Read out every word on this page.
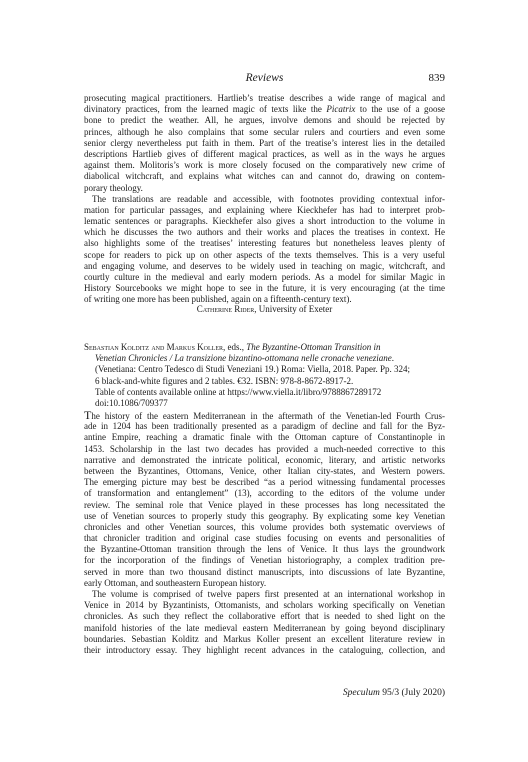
Reviews	839
prosecuting magical practitioners. Hartlieb’s treatise describes a wide range of magical and
divinatory practices, from the learned magic of texts like the Picatrix to the use of a goose
bone to predict the weather. All, he argues, involve demons and should be rejected by
princes, although he also complains that some secular rulers and courtiers and even some
senior clergy nevertheless put faith in them. Part of the treatise’s interest lies in the detailed
descriptions Hartlieb gives of different magical practices, as well as in the ways he argues
against them. Molitoris’s work is more closely focused on the comparatively new crime of
diabolical witchcraft, and explains what witches can and cannot do, drawing on contem-
porary theology.
The translations are readable and accessible, with footnotes providing contextual infor-
mation for particular passages, and explaining where Kieckhefer has had to interpret prob-
lematic sentences or paragraphs. Kieckhefer also gives a short introduction to the volume in
which he discusses the two authors and their works and places the treatises in context. He
also highlights some of the treatises’ interesting features but nonetheless leaves plenty of
scope for readers to pick up on other aspects of the texts themselves. This is a very useful
and engaging volume, and deserves to be widely used in teaching on magic, witchcraft, and
courtly culture in the medieval and early modern periods. As a model for similar Magic in
History Sourcebooks we might hope to see in the future, it is very encouraging (at the time
of writing one more has been published, again on a fifteenth-century text).
Catherine Rider, University of Exeter
Sebastian Kolditz and Markus Koller, eds., The Byzantine-Ottoman Transition in
Venetian Chronicles / La transizione bizantino-ottomana nelle cronache veneziane.
(Venetiana: Centro Tedesco di Studi Veneziani 19.) Roma: Viella, 2018. Paper. Pp. 324;
6 black-and-white figures and 2 tables. €32. ISBN: 978-8-8672-8917-2.
Table of contents available online at https://www.viella.it/libro/9788867289172
doi:10.1086/709377
The history of the eastern Mediterranean in the aftermath of the Venetian-led Fourth Crus-
ade in 1204 has been traditionally presented as a paradigm of decline and fall for the Byz-
antine Empire, reaching a dramatic finale with the Ottoman capture of Constantinople in
1453. Scholarship in the last two decades has provided a much-needed corrective to this
narrative and demonstrated the intricate political, economic, literary, and artistic networks
between the Byzantines, Ottomans, Venice, other Italian city-states, and Western powers.
The emerging picture may best be described “as a period witnessing fundamental processes
of transformation and entanglement” (13), according to the editors of the volume under
review. The seminal role that Venice played in these processes has long necessitated the
use of Venetian sources to properly study this geography. By explicating some key Venetian
chronicles and other Venetian sources, this volume provides both systematic overviews of
that chronicler tradition and original case studies focusing on events and personalities of
the Byzantine-Ottoman transition through the lens of Venice. It thus lays the groundwork
for the incorporation of the findings of Venetian historiography, a complex tradition pre-
served in more than two thousand distinct manuscripts, into discussions of late Byzantine,
early Ottoman, and southeastern European history.
The volume is comprised of twelve papers first presented at an international workshop in
Venice in 2014 by Byzantinists, Ottomanists, and scholars working specifically on Venetian
chronicles. As such they reflect the collaborative effort that is needed to shed light on the
manifold histories of the late medieval eastern Mediterranean by going beyond disciplinary
boundaries. Sebastian Kolditz and Markus Koller present an excellent literature review in
their introductory essay. They highlight recent advances in the cataloguing, collection, and
Speculum 95/3 (July 2020)
